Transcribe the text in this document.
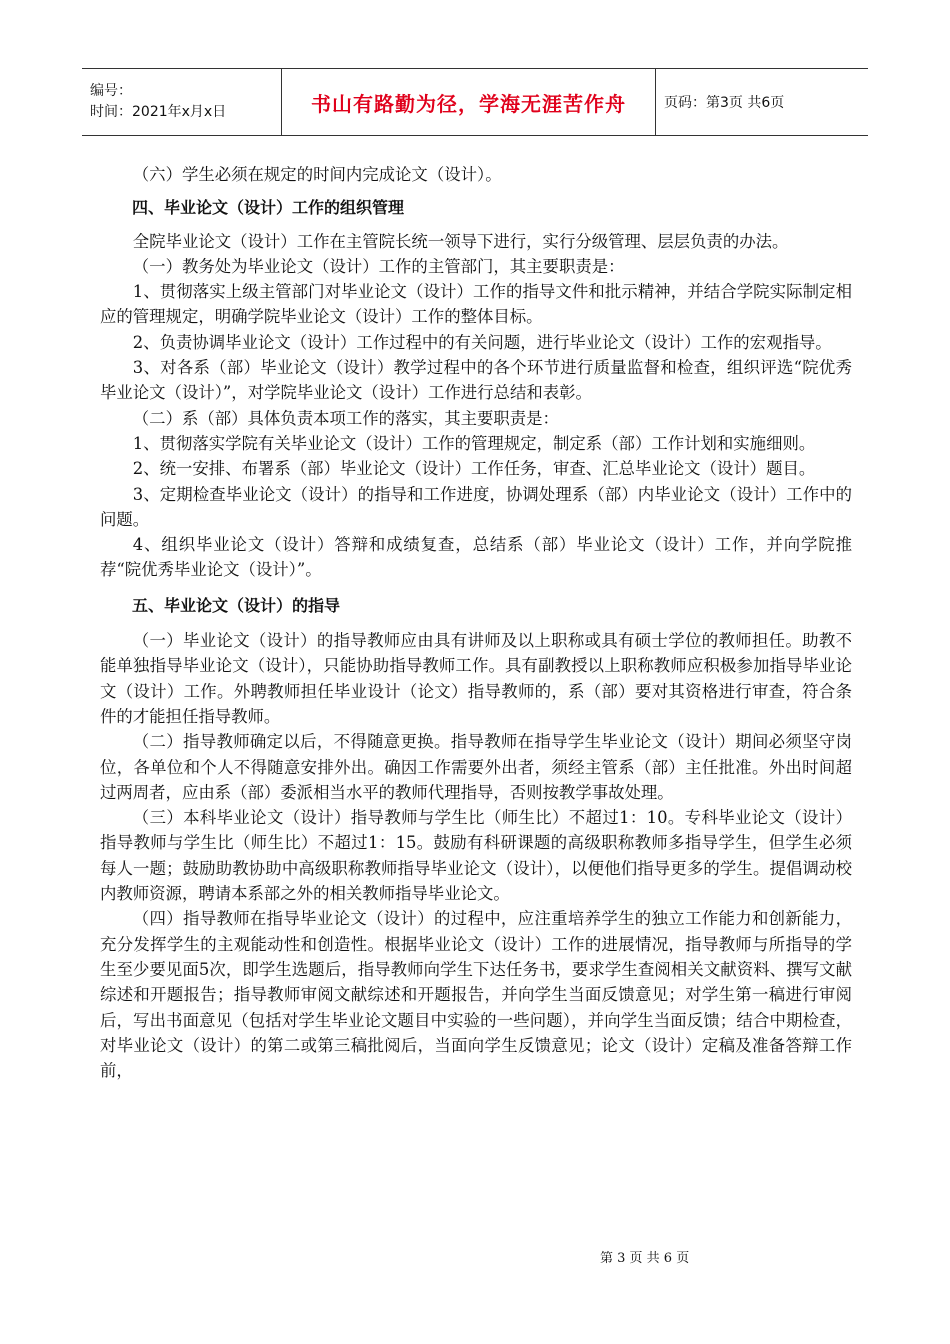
编号：
时间：2021年x月x日	书山有路勤为径，学海无涯苦作舟	页码：第3页 共6页

（六）学生必须在规定的时间内完成论文（设计）。

四、毕业论文（设计）工作的组织管理

全院毕业论文（设计）工作在主管院长统一领导下进行，实行分级管理、层层负责的办法。

（一）教务处为毕业论文（设计）工作的主管部门，其主要职责是：

1、贯彻落实上级主管部门对毕业论文（设计）工作的指导文件和批示精神，并结合学院实际制定相应的管理规定，明确学院毕业论文（设计）工作的整体目标。

2、负责协调毕业论文（设计）工作过程中的有关问题，进行毕业论文（设计）工作的宏观指导。

3、对各系（部）毕业论文（设计）教学过程中的各个环节进行质量监督和检查，组织评选“院优秀毕业论文（设计）”，对学院毕业论文（设计）工作进行总结和表彰。

（二）系（部）具体负责本项工作的落实，其主要职责是：

1、贯彻落实学院有关毕业论文（设计）工作的管理规定，制定系（部）工作计划和实施细则。

2、统一安排、布署系（部）毕业论文（设计）工作任务，审查、汇总毕业论文（设计）题目。

3、定期检查毕业论文（设计）的指导和工作进度，协调处理系（部）内毕业论文（设计）工作中的问题。

4、组织毕业论文（设计）答辩和成绩复查，总结系（部）毕业论文（设计）工作，并向学院推荐“院优秀毕业论文（设计）”。

五、毕业论文（设计）的指导

（一）毕业论文（设计）的指导教师应由具有讲师及以上职称或具有硕士学位的教师担任。助教不能单独指导毕业论文（设计），只能协助指导教师工作。具有副教授以上职称教师应积极参加指导毕业论文（设计）工作。外聘教师担任毕业设计（论文）指导教师的，系（部）要对其资格进行审查，符合条件的才能担任指导教师。

（二）指导教师确定以后，不得随意更换。指导教师在指导学生毕业论文（设计）期间必须坚守岗位，各单位和个人不得随意安排外出。确因工作需要外出者，须经主管系（部）主任批准。外出时间超过两周者，应由系（部）委派相当水平的教师代理指导，否则按教学事故处理。

（三）本科毕业论文（设计）指导教师与学生比（师生比）不超过1：10。专科毕业论文（设计）指导教师与学生比（师生比）不超过1：15。鼓励有科研课题的高级职称教师多指导学生，但学生必须每人一题；鼓励助教协助中高级职称教师指导毕业论文（设计），以便他们指导更多的学生。提倡调动校内教师资源，聘请本系部之外的相关教师指导毕业论文。

（四）指导教师在指导毕业论文（设计）的过程中，应注重培养学生的独立工作能力和创新能力，充分发挥学生的主观能动性和创造性。根据毕业论文（设计）工作的进展情况，指导教师与所指导的学生至少要见面5次，即学生选题后，指导教师向学生下达任务书，要求学生查阅相关文献资料、撰写文献综述和开题报告；指导教师审阅文献综述和开题报告，并向学生当面反馈意见；对学生第一稿进行审阅后，写出书面意见（包括对学生毕业论文题目中实验的一些问题），并向学生当面反馈；结合中期检查，对毕业论文（设计）的第二或第三稿批阅后，当面向学生反馈意见；论文（设计）定稿及准备答辩工作前，

第 3 页 共 6 页
